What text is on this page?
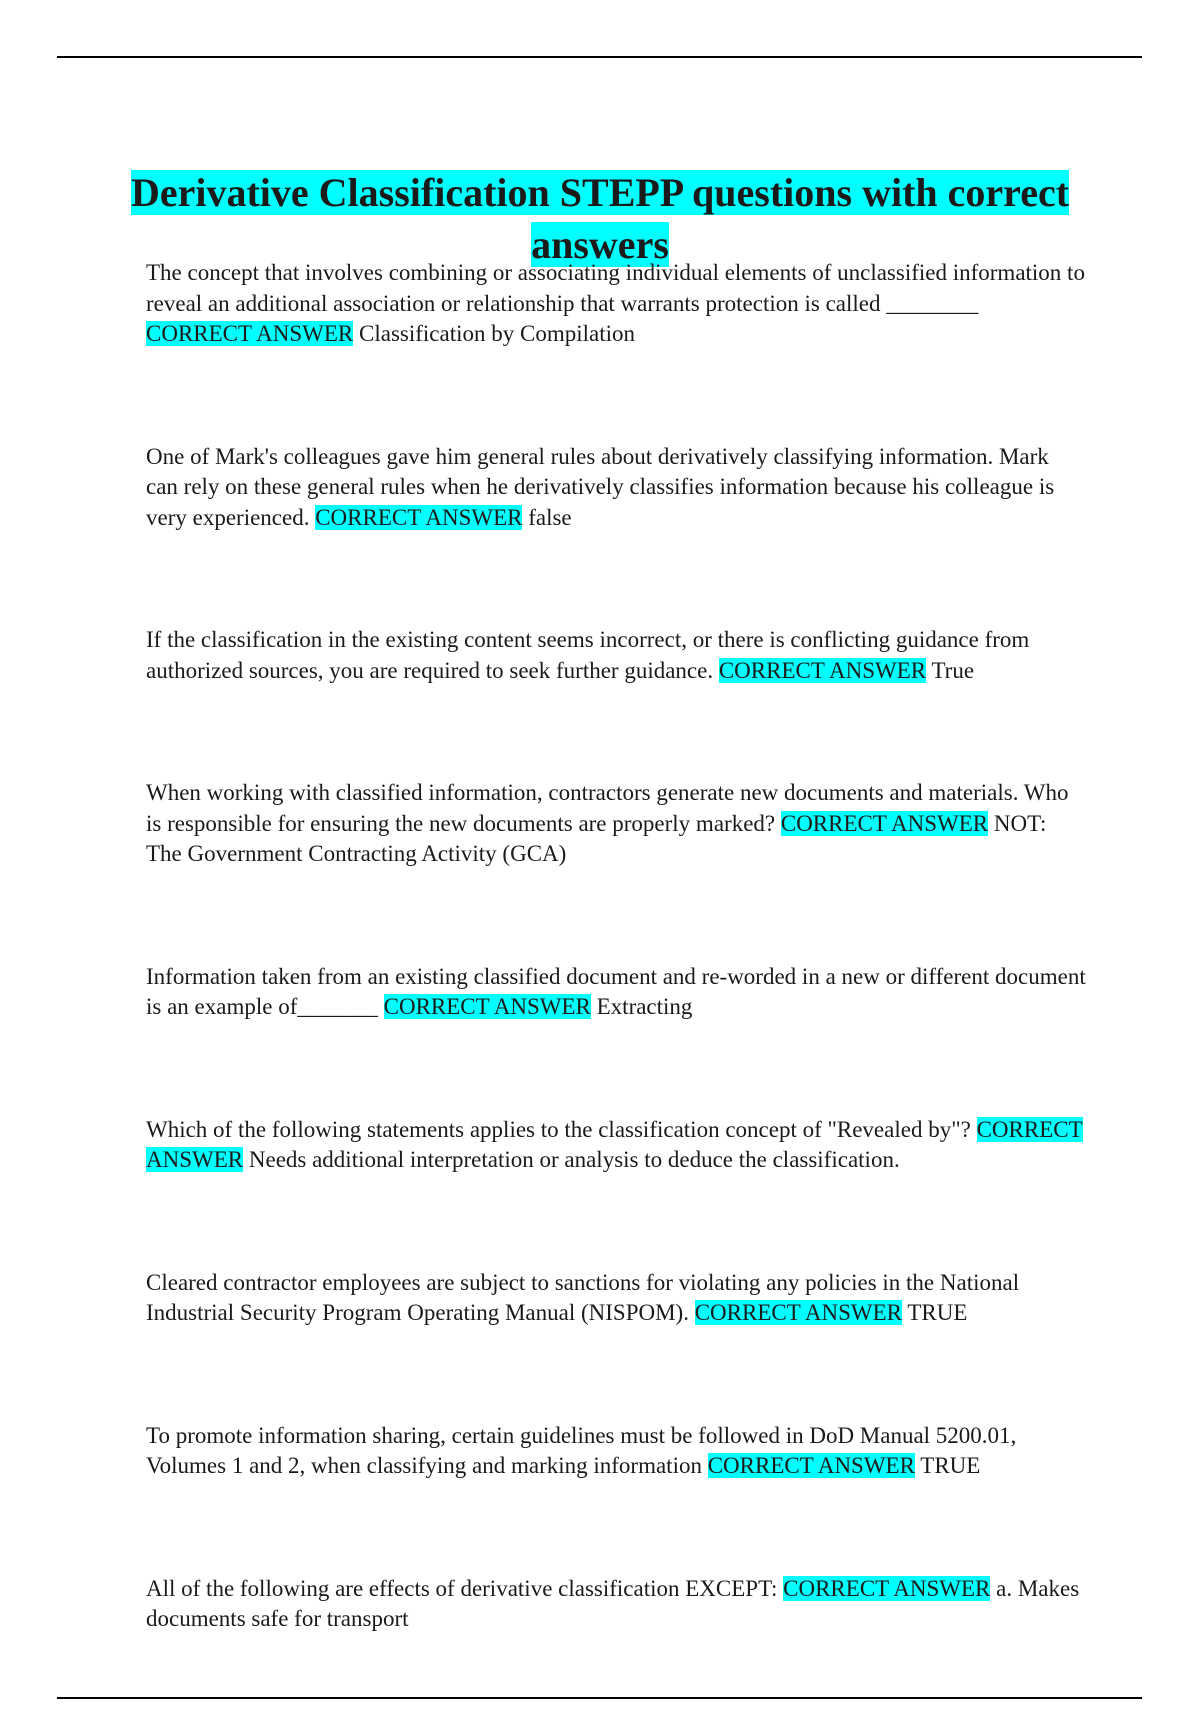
Derivative Classification STEPP questions with correct answers

The concept that involves combining or associating individual elements of unclassified information to reveal an additional association or relationship that warrants protection is called ________ CORRECT ANSWER Classification by Compilation

One of Mark's colleagues gave him general rules about derivatively classifying information. Mark can rely on these general rules when he derivatively classifies information because his colleague is very experienced. CORRECT ANSWER false

If the classification in the existing content seems incorrect, or there is conflicting guidance from authorized sources, you are required to seek further guidance. CORRECT ANSWER True

When working with classified information, contractors generate new documents and materials. Who is responsible for ensuring the new documents are properly marked? CORRECT ANSWER NOT: The Government Contracting Activity (GCA)

Information taken from an existing classified document and re-worded in a new or different document is an example of_______ CORRECT ANSWER Extracting

Which of the following statements applies to the classification concept of "Revealed by"? CORRECT ANSWER Needs additional interpretation or analysis to deduce the classification.

Cleared contractor employees are subject to sanctions for violating any policies in the National Industrial Security Program Operating Manual (NISPOM). CORRECT ANSWER TRUE

To promote information sharing, certain guidelines must be followed in DoD Manual 5200.01, Volumes 1 and 2, when classifying and marking information CORRECT ANSWER TRUE

All of the following are effects of derivative classification EXCEPT: CORRECT ANSWER a. Makes documents safe for transport
